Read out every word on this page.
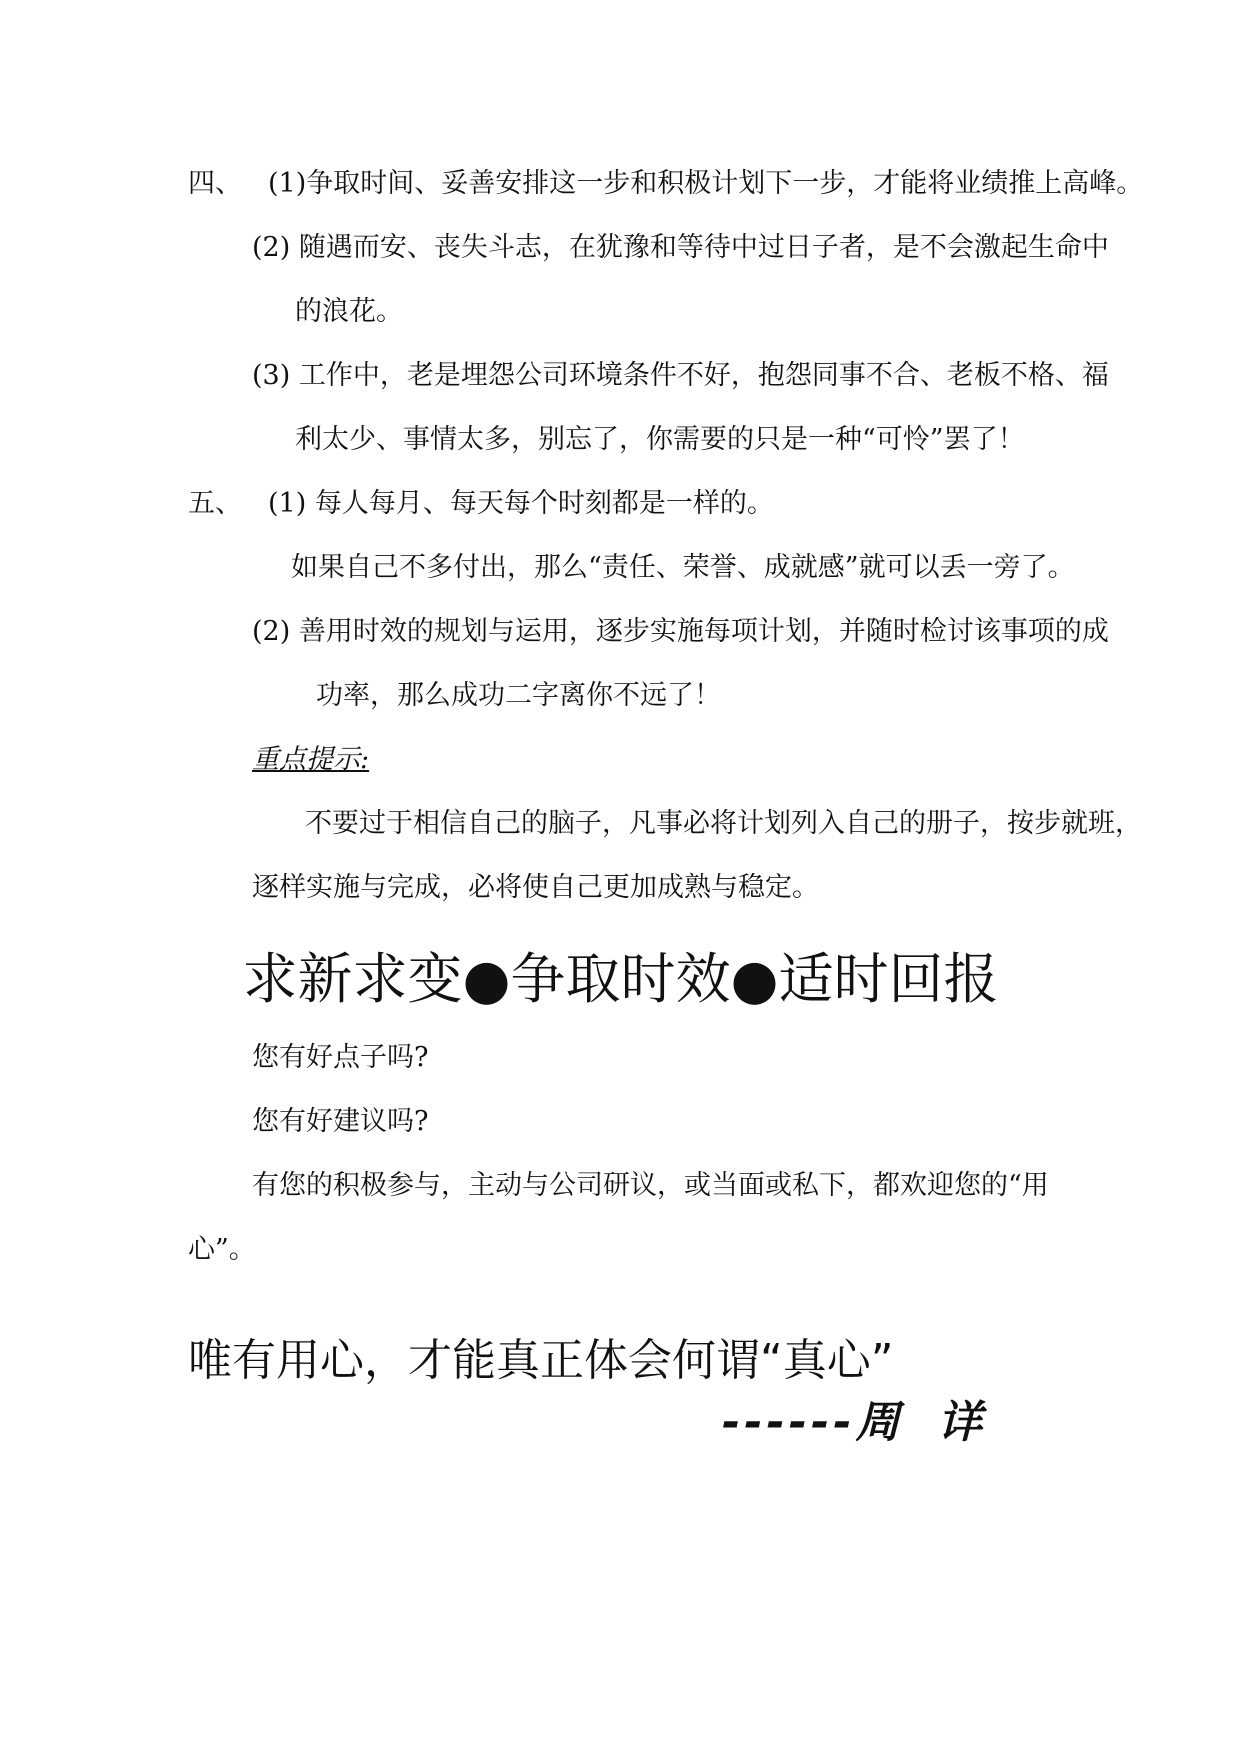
四、 (1)争取时间、妥善安排这一步和积极计划下一步，才能将业绩推上高峰。
(2) 随遇而安、丧失斗志，在犹豫和等待中过日子者，是不会激起生命中
的浪花。
(3) 工作中，老是埋怨公司环境条件不好，抱怨同事不合、老板不格、福
利太少、事情太多，别忘了，你需要的只是一种“可怜”罢了！
五、 (1) 每人每月、每天每个时刻都是一样的。
如果自己不多付出，那么“责任、荣誉、成就感”就可以丢一旁了。
(2) 善用时效的规划与运用，逐步实施每项计划，并随时检讨该事项的成
功率，那么成功二字离你不远了！
重点提示:
不要过于相信自己的脑子，凡事必将计划列入自己的册子，按步就班，
逐样实施与完成，必将使自己更加成熟与稳定。
求新求变●争取时效●适时回报
您有好点子吗?
您有好建议吗?
有您的积极参与，主动与公司研议，或当面或私下，都欢迎您的“用
心”。
唯有用心，才能真正体会何谓“真心”
------周详
